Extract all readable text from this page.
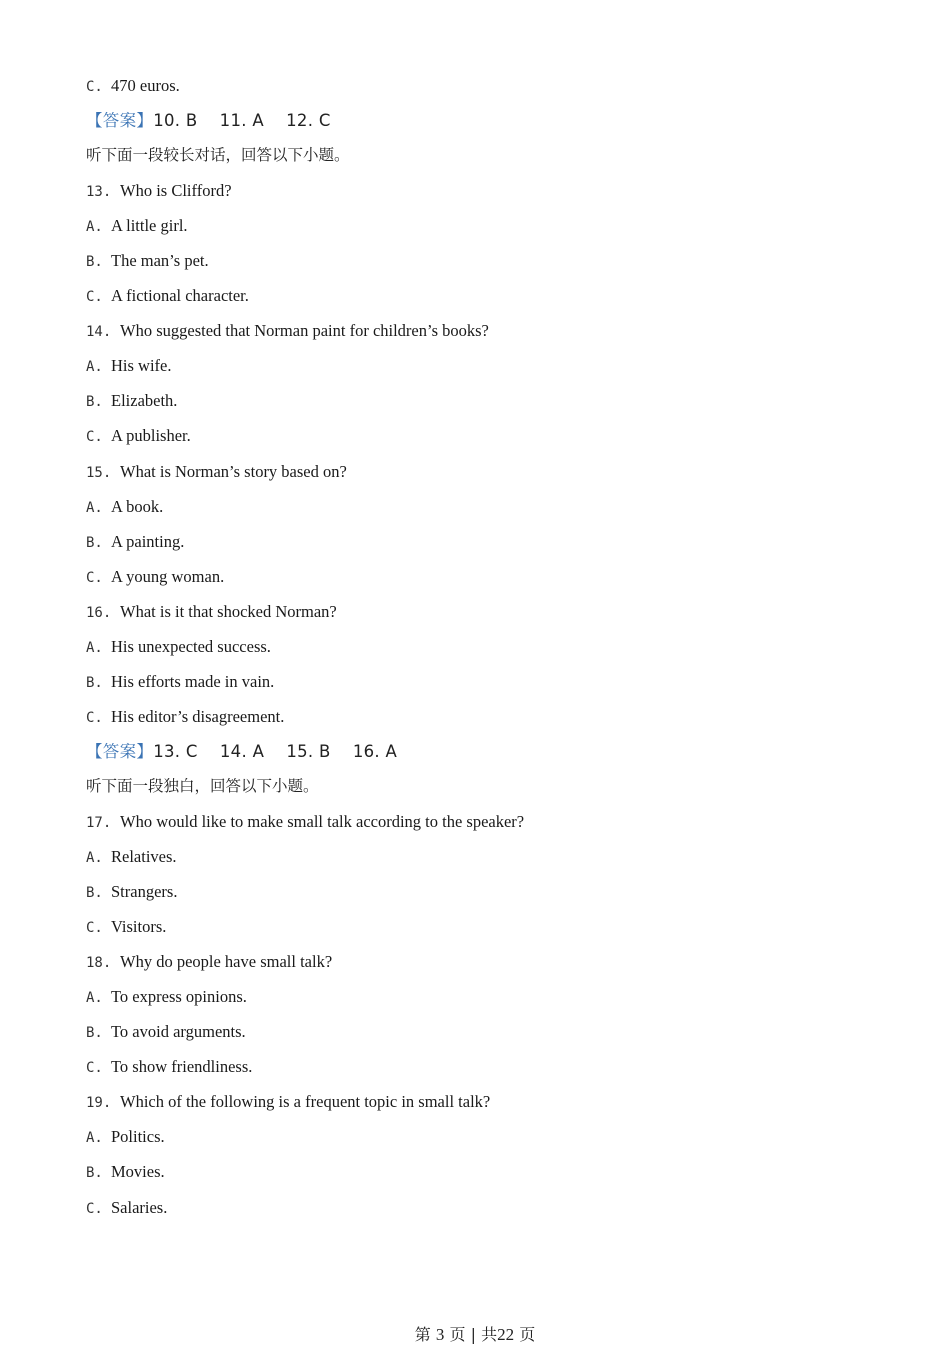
C. 470 euros.
【答案】10. B    11. A    12. C
听下面一段较长对话，回答以下小题。
13. Who is Clifford?
A. A little girl.
B. The man’s pet.
C. A fictional character.
14. Who suggested that Norman paint for children’s books?
A. His wife.
B. Elizabeth.
C. A publisher.
15. What is Norman’s story based on?
A. A book.
B. A painting.
C. A young woman.
16. What is it that shocked Norman?
A. His unexpected success.
B. His efforts made in vain.
C. His editor’s disagreement.
【答案】13. C    14. A    15. B    16. A
听下面一段独白，回答以下小题。
17. Who would like to make small talk according to the speaker?
A. Relatives.
B. Strangers.
C. Visitors.
18. Why do people have small talk?
A. To express opinions.
B. To avoid arguments.
C. To show friendliness.
19. Which of the following is a frequent topic in small talk?
A. Politics.
B. Movies.
C. Salaries.
第 3 页 | 共22 页
